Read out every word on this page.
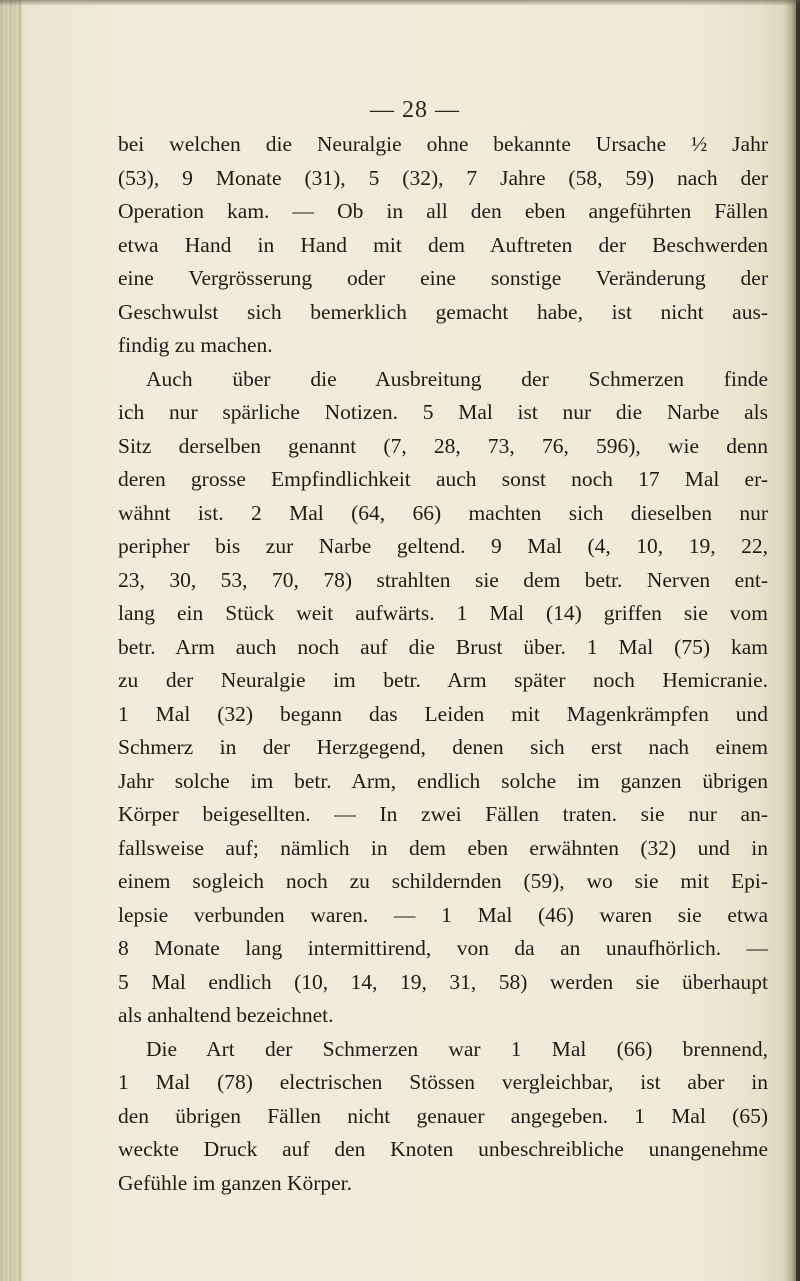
— 28 —
bei welchen die Neuralgie ohne bekannte Ursache ½ Jahr
(53), 9 Monate (31), 5 (32), 7 Jahre (58, 59) nach der
Operation kam. — Ob in all den eben angeführten Fällen
etwa Hand in Hand mit dem Auftreten der Beschwerden
eine Vergrösserung oder eine sonstige Veränderung der
Geschwulst sich bemerklich gemacht habe, ist nicht aus-
findig zu machen.
Auch über die Ausbreitung der Schmerzen finde
ich nur spärliche Notizen. 5 Mal ist nur die Narbe als
Sitz derselben genannt (7, 28, 73, 76, 596), wie denn
deren grosse Empfindlichkeit auch sonst noch 17 Mal er-
wähnt ist. 2 Mal (64, 66) machten sich dieselben nur
peripher bis zur Narbe geltend. 9 Mal (4, 10, 19, 22,
23, 30, 53, 70, 78) strahlten sie dem betr. Nerven ent-
lang ein Stück weit aufwärts. 1 Mal (14) griffen sie vom
betr. Arm auch noch auf die Brust über. 1 Mal (75) kam
zu der Neuralgie im betr. Arm später noch Hemicranie.
1 Mal (32) begann das Leiden mit Magenkrämpfen und
Schmerz in der Herzgegend, denen sich erst nach einem
Jahr solche im betr. Arm, endlich solche im ganzen übrigen
Körper beigesellten. — In zwei Fällen traten. sie nur an-
fallsweise auf; nämlich in dem eben erwähnten (32) und in
einem sogleich noch zu schildernden (59), wo sie mit Epi-
lepsie verbunden waren. — 1 Mal (46) waren sie etwa
8 Monate lang intermittirend, von da an unaufhörlich. —
5 Mal endlich (10, 14, 19, 31, 58) werden sie überhaupt
als anhaltend bezeichnet.
Die Art der Schmerzen war 1 Mal (66) brennend,
1 Mal (78) electrischen Stössen vergleichbar, ist aber in
den übrigen Fällen nicht genauer angegeben. 1 Mal (65)
weckte Druck auf den Knoten unbeschreibliche unangenehme
Gefühle im ganzen Körper.
